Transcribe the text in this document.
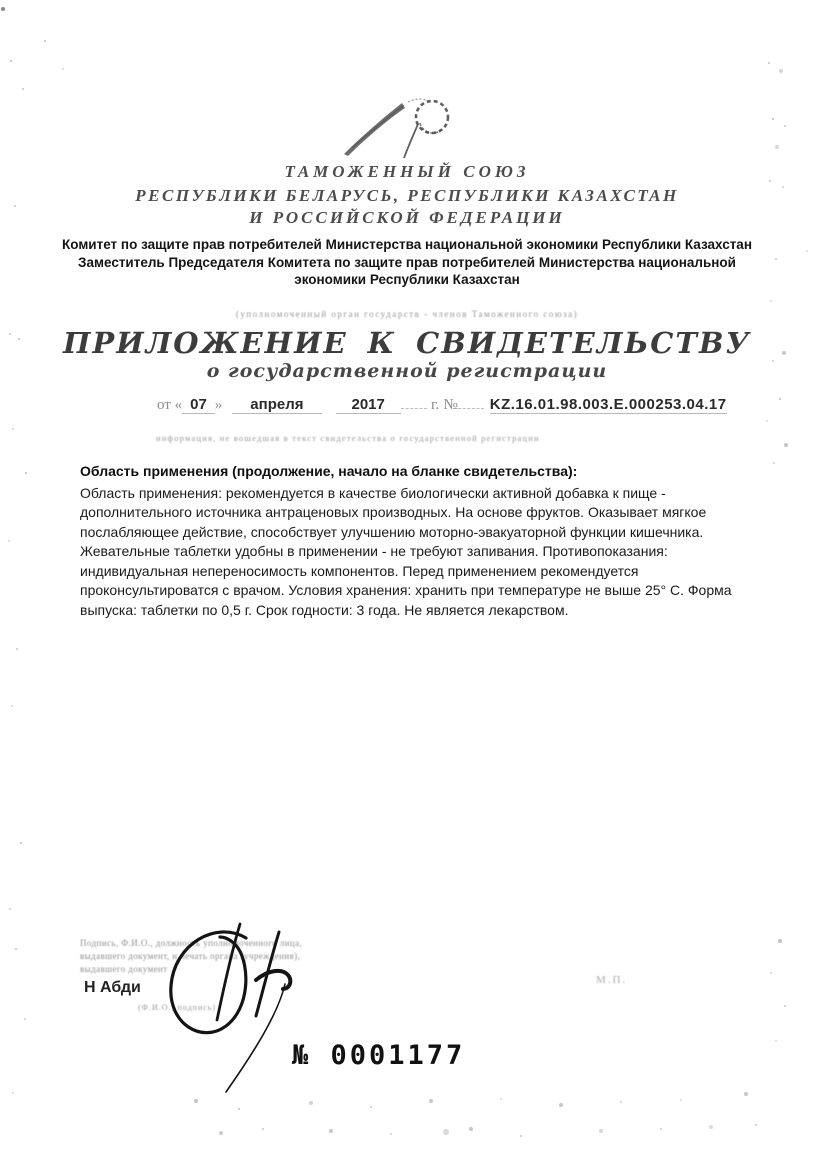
ТАМОЖЕННЫЙ СОЮЗ
РЕСПУБЛИКИ БЕЛАРУСЬ, РЕСПУБЛИКИ КАЗАХСТАН
И РОССИЙСКОЙ ФЕДЕРАЦИИ

Комитет по защите прав потребителей Министерства национальной экономики Республики Казахстан

Заместитель Председателя Комитета по защите прав потребителей Министерства национальной экономики Республики Казахстан

(уполномоченный орган государств - членов Таможенного союза)
ПРИЛОЖЕНИЕ К СВИДЕТЕЛЬСТВУ
о государственной регистрации
от « 07 » апреля	2017	г. № KZ.16.01.98.003.E.000253.04.17
информация, не вошедшая в текст свидетельства о государственной регистрации

Область применения (продолжение, начало на бланке свидетельства):

Область применения: рекомендуется в качестве биологически активной добавка к пище - дополнительного источника антраценовых производных. На основе фруктов. Оказывает мягкое послабляющее действие, способствует улучшению моторно-эвакуаторной функции кишечника. Жевательные таблетки удобны в применении - не требуют запивания. Противопоказания: индивидуальная непереносимость компонентов. Перед применением рекомендуется проконсультироватся с врачом. Условия хранения: хранить при температуре не выше 25° С. Форма выпуска: таблетки по 0,5 г. Срок годности: 3 года. Не является лекарством.

Подпись, Ф.И.О., должность уполномоченного лица,
выдавшего документ, и печать органа (учреждения),
выдавшего документ
Н Абди
(Ф.И.О., подпись)
М.П.
№ 0001177
